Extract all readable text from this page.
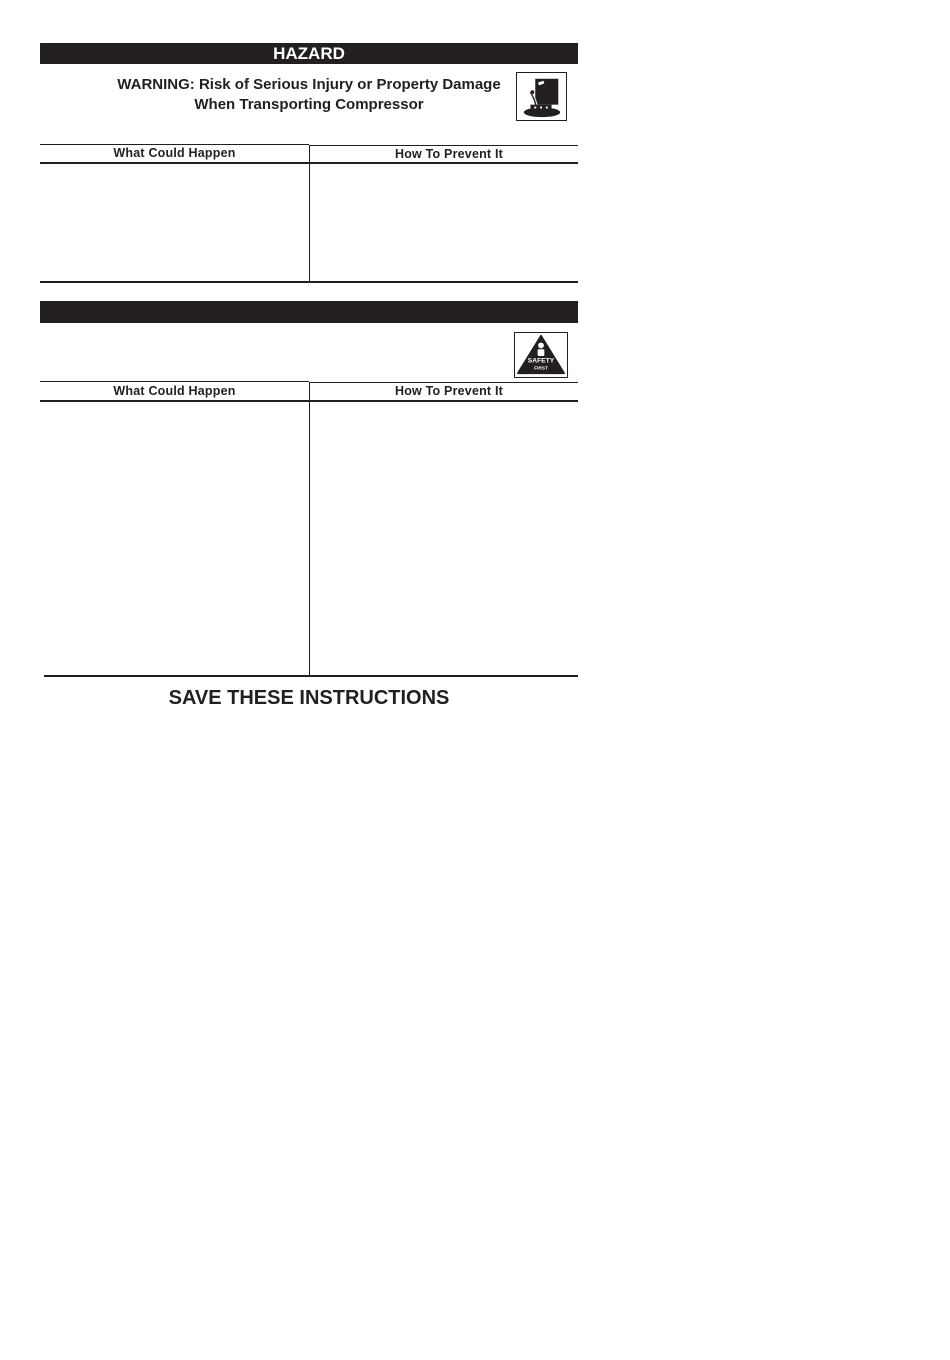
HAZARD
WARNING: Risk of Serious Injury or Property Damage
When Transporting Compressor
What Could Happen	How To Prevent It
SAFETY
FIRST
What Could Happen	How To Prevent It
SAVE THESE INSTRUCTIONS
